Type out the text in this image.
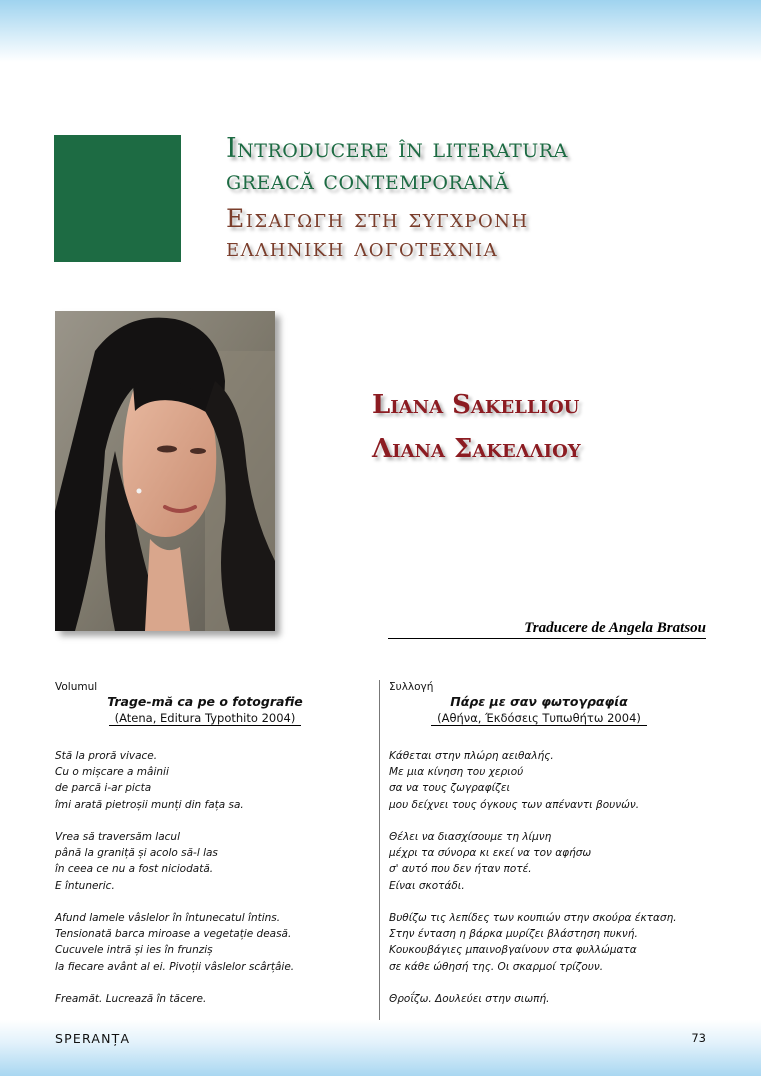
Introducere în literatura
greacă contemporană
Εισαγωγη στη συγχρονη
ελληνικη λογοτεχνια
Liana Sakelliou
Λιανα Σακελλιου
Traducere de Angela Bratsou
Volumul
Trage-mă ca pe o fotografie
(Atena, Editura Typothito 2004)
Stă la proră vivace.
Cu o mișcare a mâinii
de parcă i-ar picta
îmi arată pietroșii munți din fața sa.
Vrea să traversăm lacul
până la graniță și acolo să-l las
în ceea ce nu a fost niciodată.
E întuneric.
Afund lamele vâslelor în întunecatul întins.
Tensionată barca miroase a vegetație deasă.
Cucuvele intră și ies în frunziș
la fiecare avânt al ei. Pivoții vâslelor scârțâie.
Freamăt. Lucrează în tăcere.
Συλλογή
Πάρε με σαν φωτογραφία
(Αθήνα, Έκδόσεις Τυπωθήτω 2004)
Κάθεται στην πλώρη αειθαλής.
Με μια κίνηση του χεριού
σα να τους ζωγραφίζει
μου δείχνει τους όγκους των απέναντι βουνών.
Θέλει να διασχίσουμε τη λίμνη
μέχρι τα σύνορα κι εκεί να τον αφήσω
σ' αυτό που δεν ήταν ποτέ.
Είναι σκοτάδι.
Βυθίζω τις λεπίδες των κουπιών στην σκούρα έκταση.
Στην ένταση η βάρκα μυρίζει βλάστηση πυκνή.
Κουκουβάγιες μπαινοβγαίνουν στα φυλλώματα
σε κάθε ώθησή της. Οι σκαρμοί τρίζουν.
Θροΐζω. Δουλεύει στην σιωπή.
SPERANȚA	73
